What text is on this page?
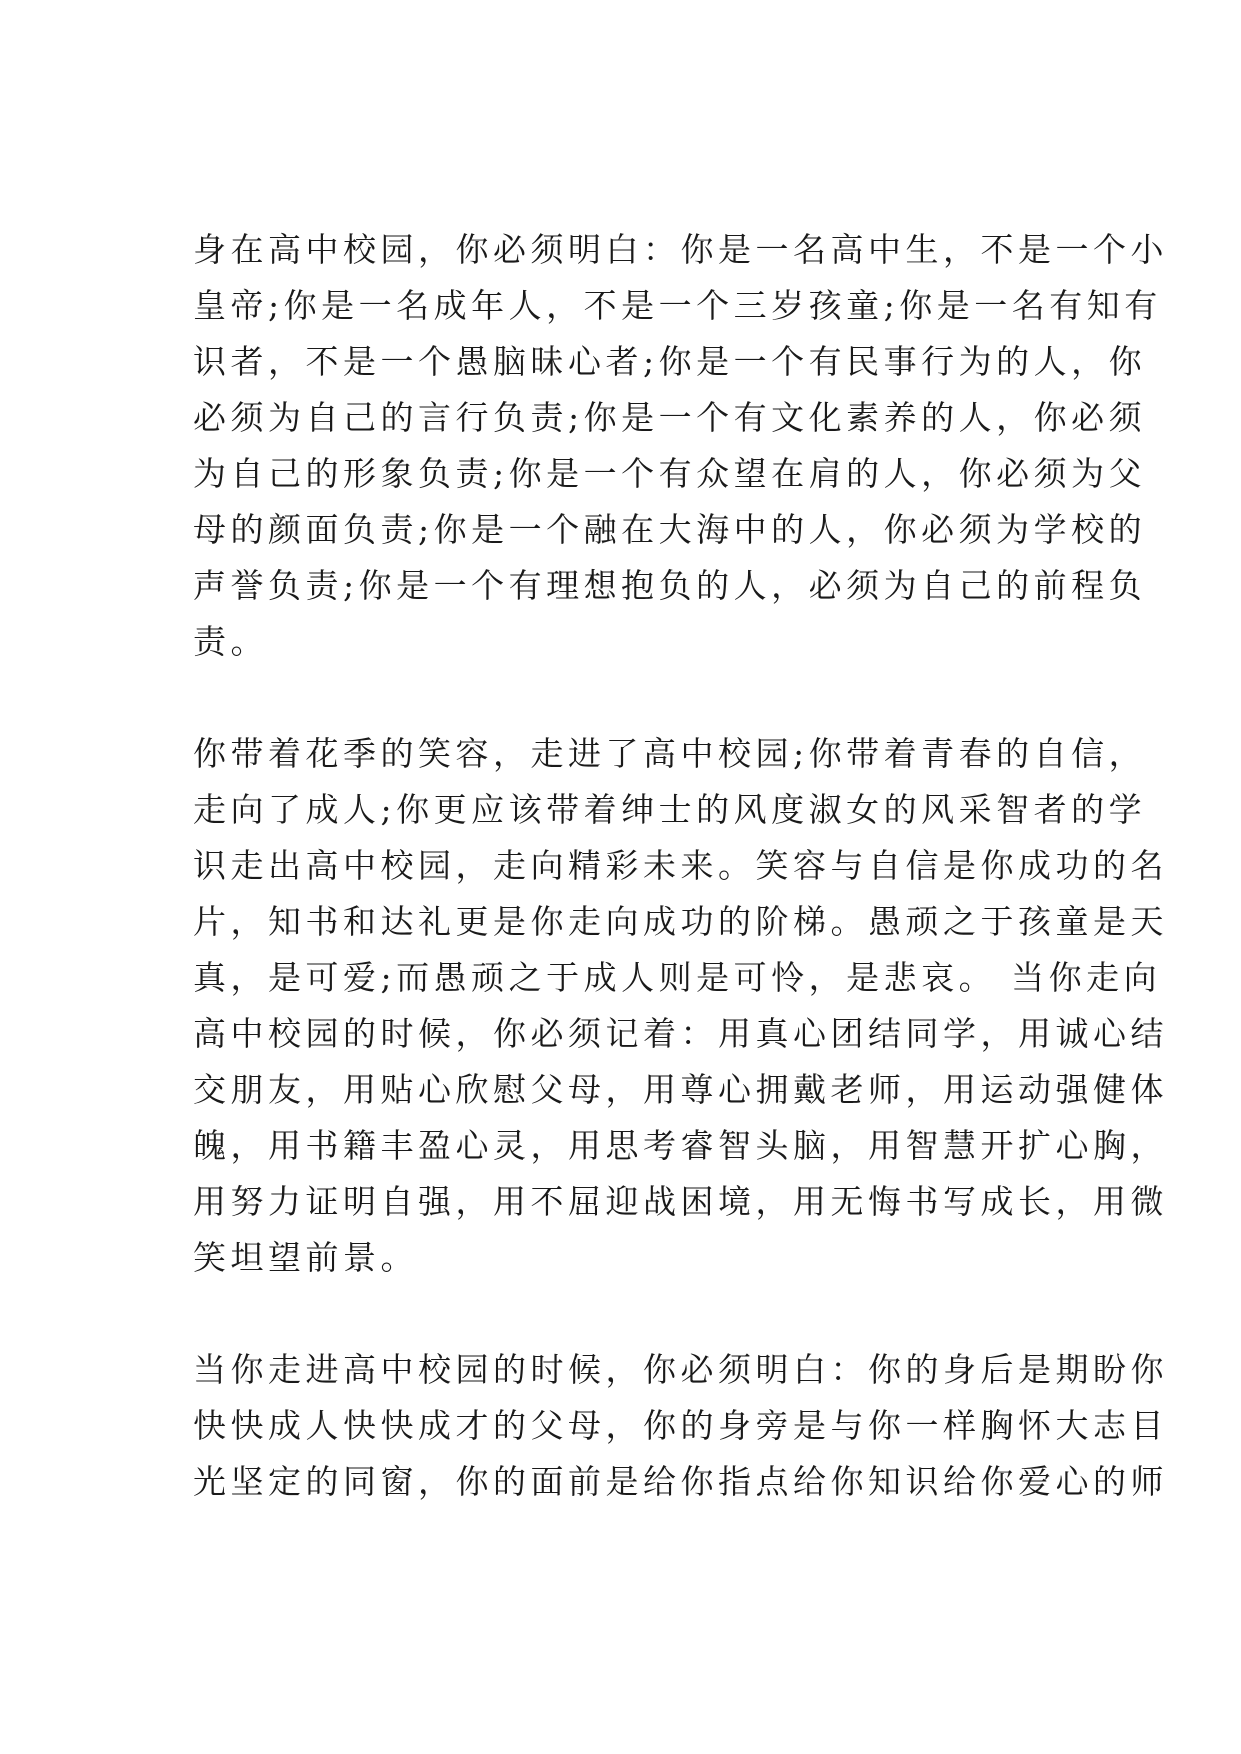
身在高中校园，你必须明白：你是一名高中生，不是一个小
皇帝;你是一名成年人，不是一个三岁孩童;你是一名有知有
识者，不是一个愚脑昧心者;你是一个有民事行为的人，你
必须为自己的言行负责;你是一个有文化素养的人，你必须
为自己的形象负责;你是一个有众望在肩的人，你必须为父
母的颜面负责;你是一个融在大海中的人，你必须为学校的
声誉负责;你是一个有理想抱负的人，必须为自己的前程负
责。
你带着花季的笑容，走进了高中校园;你带着青春的自信，
走向了成人;你更应该带着绅士的风度淑女的风采智者的学
识走出高中校园，走向精彩未来。笑容与自信是你成功的名
片，知书和达礼更是你走向成功的阶梯。愚顽之于孩童是天
真，是可爱;而愚顽之于成人则是可怜，是悲哀。 当你走向
高中校园的时候，你必须记着：用真心团结同学，用诚心结
交朋友，用贴心欣慰父母，用尊心拥戴老师，用运动强健体
魄，用书籍丰盈心灵，用思考睿智头脑，用智慧开扩心胸，
用努力证明自强，用不屈迎战困境，用无悔书写成长，用微
笑坦望前景。
当你走进高中校园的时候，你必须明白：你的身后是期盼你
快快成人快快成才的父母，你的身旁是与你一样胸怀大志目
光坚定的同窗，你的面前是给你指点给你知识给你爱心的师
